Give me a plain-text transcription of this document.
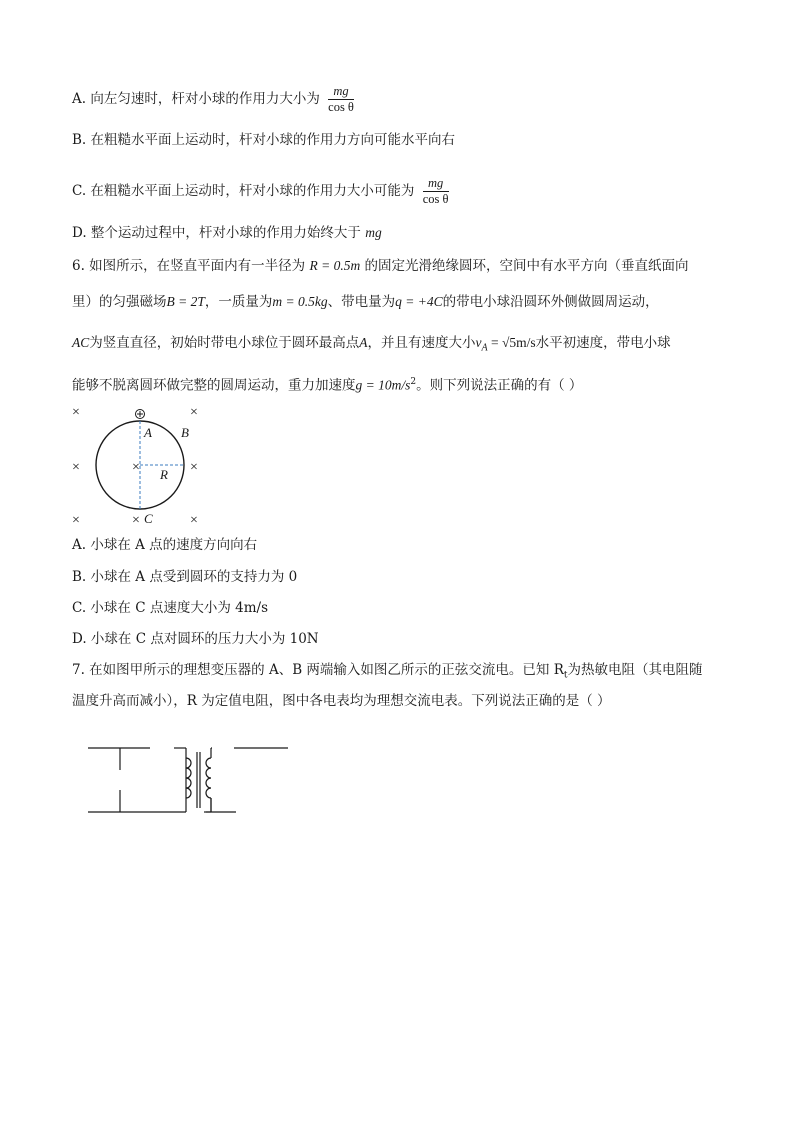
A. 向左匀速时，杆对小球的作用力大小为 $\frac{mg}{\text{cos θ}}$
B. 在粗糙水平面上运动时，杆对小球的作用力方向可能水平向右
C. 在粗糙水平面上运动时，杆对小球的作用力大小可能为 $\frac{mg}{\text{cos θ}}$
D. 整个运动过程中，杆对小球的作用力始终大于 mg
6. 如图所示，在竖直平面内有一半径为 R = 0.5m 的固定光滑绝缘圆环，空间中有水平方向（垂直纸面向
里）的匀强磁场B = 2T，一质量为m = 0.5kg、带电量为q = +4C的带电小球沿圆环外侧做圆周运动，
AC为竖直直径，初始时带电小球位于圆环最高点A，并且有速度大小$v_A = √5m/s$水平初速度，带电小球
能够不脱离圆环做完整的圆周运动，重力加速度$g = 10m/s^2$。则下列说法正确的有（ ）
×	×
×	×	×
×	×	×
A B
R
C
A. 小球在 A 点的速度方向向右
B. 小球在 A 点受到圆环的支持力为 0
C. 小球在 C 点速度大小为 4m/s
D. 小球在 C 点对圆环的压力大小为 10N
7. 在如图甲所示的理想变压器的 A、B 两端输入如图乙所示的正弦交流电。已知 $R_t$为热敏电阻（其电阻随
温度升高而减小），R 为定值电阻，图中各电表均为理想交流电表。下列说法正确的是（ ）
